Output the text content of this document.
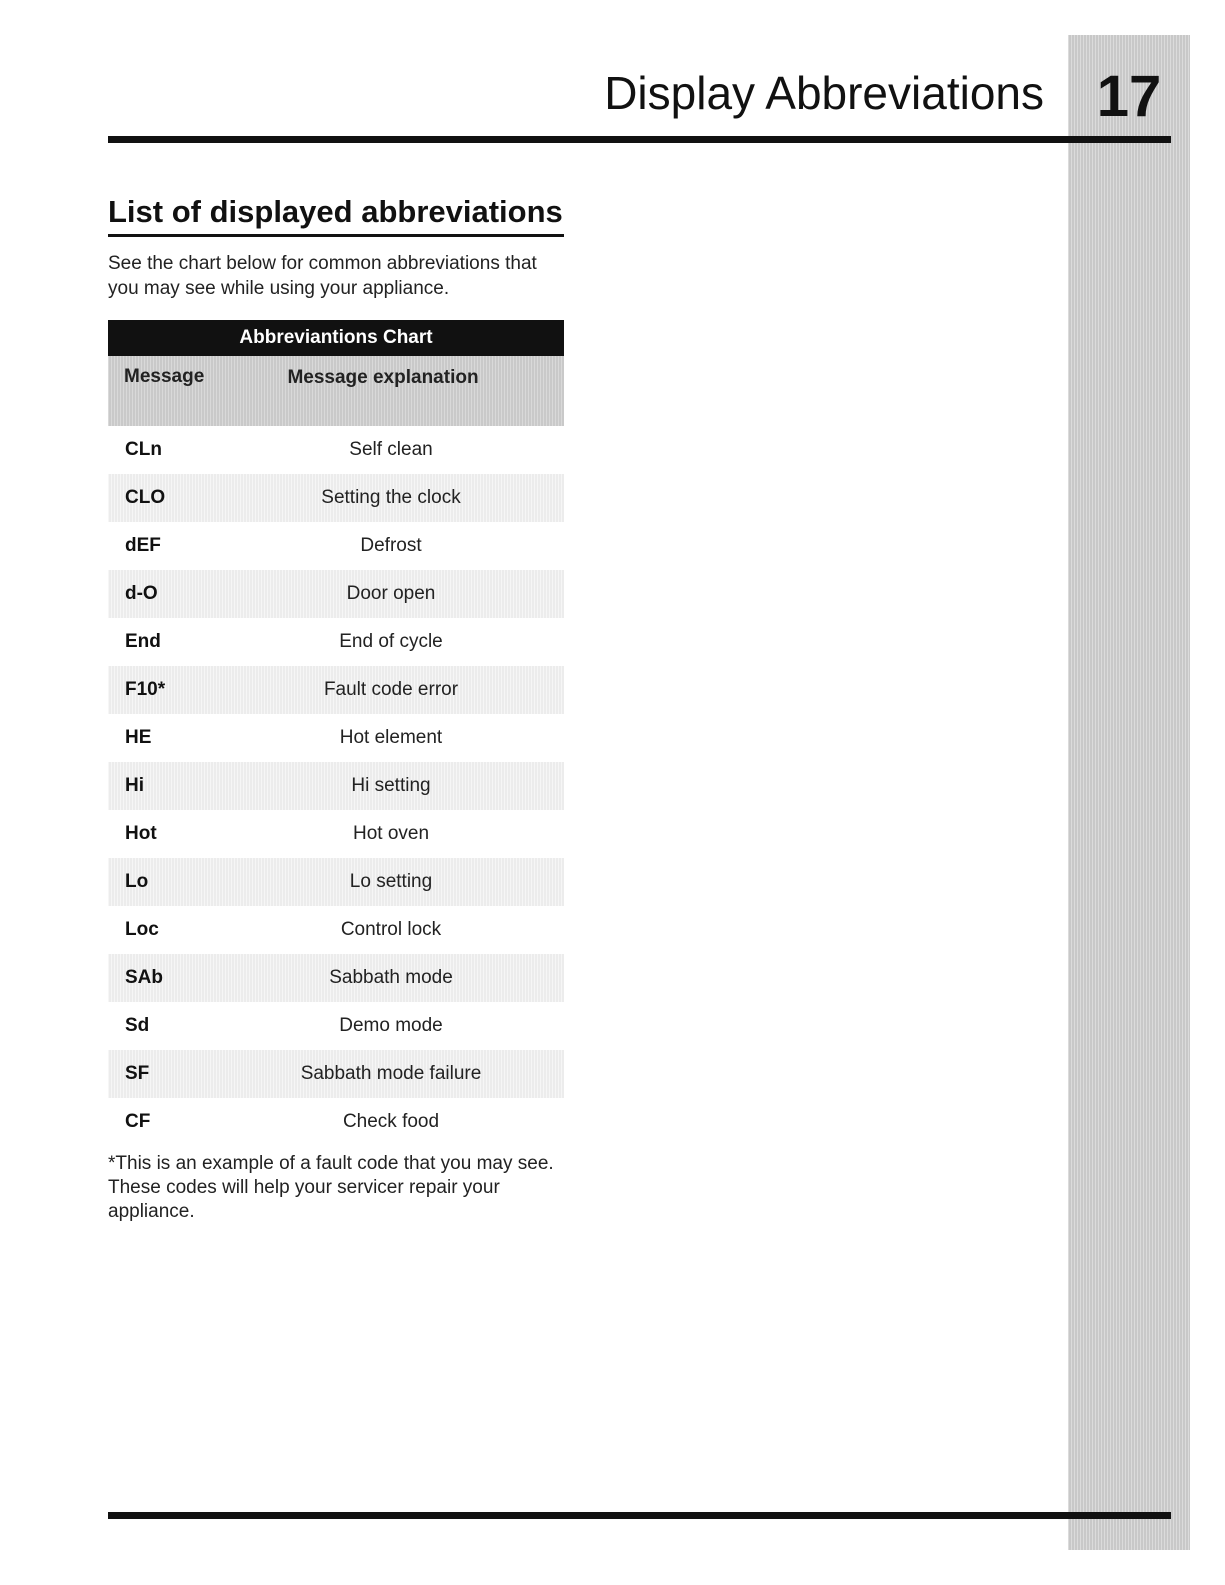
17
Display Abbreviations
List of displayed abbreviations
See the chart below for common abbreviations that you may see while using your appliance.
Abbreviantions Chart
Message	Message explanation
CLn	Self clean
CLO	Setting the clock
dEF	Defrost
d-O	Door open
End	End of cycle
F10*	Fault code error
HE	Hot element
Hi	Hi setting
Hot	Hot oven
Lo	Lo setting
Loc	Control lock
SAb	Sabbath mode
Sd	Demo mode
SF	Sabbath mode failure
CF	Check food
*This is an example of a fault code that you may see. These codes will help your servicer repair your appliance.
